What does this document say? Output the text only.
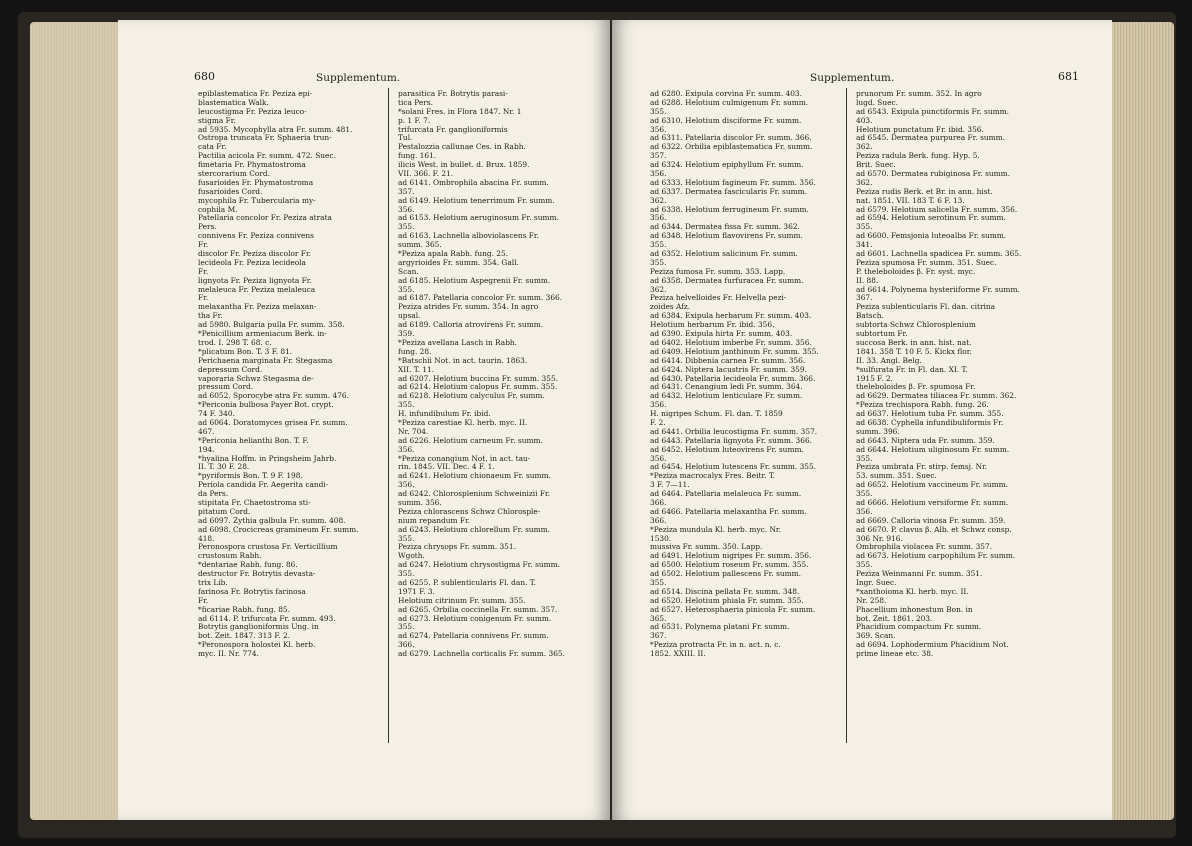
680	Supplementum.
epiblastematica Fr. Peziza epi-
blastematica Walk.
leucostigma Fr. Peziza leuco-
stigma Fr.
ad 5935. Mycophylla atra Fr. summ. 481.
Ostropa truncata Fr. Sphaeria trun-
cata Fr.
Pactilia acicola Fr. summ. 472. Suec.
fimetaria Fr. Phymatostroma
stercorarium Cord.
fusarioides Fr. Phymatostroma
fusarioides Cord.
mycophila Fr. Tubercularia my-
cophila M.
Patellaria concolor Fr. Peziza atrata
Pers.
connivens Fr. Peziza connivens
Fr.
discolor Fr. Peziza discolor Fr.
lecideola Fr. Peziza lecideola
Fr.
lignyota Fr. Peziza lignyota Fr.
melaleuca Fr. Peziza melaleuca
Fr.
melaxantha Fr. Peziza melaxan-
tha Fr.
ad 5980. Bulgaria pulla Fr. summ. 358.
*Penicillium armeniacum Berk. in-
trod. I. 298 T. 68. c.
*plicatum Bon. T. 3 F. 81.
Perichaena marginata Fr. Stegasma
depressum Cord.
vaporaria Schwz Stegasma de-
pressum Cord.
ad 6052. Sporocybe atra Fr. summ. 476.
*Periconia bulbosa Payer Bot. crypt.
74 F. 340.
ad 6064. Doratomyces grisea Fr. summ.
467.
*Periconia helianthi Bon. T. F.
194.
*hyalina Hoffm. in Pringsheim Jahrb.
II. T. 30 F. 28.
*pyriformis Bon. T. 9 F. 198.
Periola candida Fr. Aegerita candi-
da Pers.
stipitata Fr. Chaetostroma sti-
pitatum Cord.
ad 6097. Zythia galbula Fr. summ. 408.
ad 6098. Crocicreas gramineum Fr. summ.
418.
Peronospora crustosa Fr. Verticillium
crustosum Rabh.
*dentariae Rabh. fung. 86.
destructor Fr. Botrytis devasta-
trix Lib.
farinosa Fr. Botrytis farinosa
Fr.
*ficariae Rabh. fung. 85.
ad 6114. P. trifurcata Fr. summ. 493.
Botrytis ganglioniformis Ung. in
bot. Zeit. 1847. 313 F. 2.
*Peronospora holostei Kl. herb.
myc. II. Nr. 774.
parasitica Fr. Botrytis parasi-
tica Pers.
*solani Fres. in Flora 1847. Nr. 1
p. 1 F. 7.
trifurcata Fr. ganglioniformis
Tul.
Pestalozzia callunae Ces. in Rabh.
fung. 161.
ilicis West. in bullet. d. Brux. 1859.
VII. 366. F. 21.
ad 6141. Ombrophila abacina Fr. summ.
357.
ad 6149. Helotium tenerrimum Fr. summ.
356.
ad 6153. Helotium aeruginosum Fr. summ.
355.
ad 6163. Lachnella alboviolascens Fr.
summ. 365.
*Peziza apala Rabh. fung. 25.
argyrioides Fr. summ. 354. Gall.
Scan.
ad 6185. Helotium Aspegrenii Fr. summ.
355.
ad 6187. Patellaria concolor Fr. summ. 366.
Peziza atrides Fr. summ. 354. In agro
upsal.
ad 6189. Calloria atrovirens Fr. summ.
359.
*Peziza avellana Lasch in Rabh.
fung. 28.
*Batschii Not. in act. taurin. 1863.
XII. T. 11.
ad 6207. Helotium buccina Fr. summ. 355.
ad 6214. Helotium calopus Fr. summ. 355.
ad 6218. Helotium calyculus Fr. summ.
355.
H. infundibulum Fr. ibid.
*Peziza carestiae Kl. herb. myc. II.
Nr. 704.
ad 6226. Helotium carneum Fr. summ.
356.
*Peziza conangium Not. in act. tau-
rin. 1845. VII. Dec. 4 F. 1.
ad 6241. Helotium chionaeum Fr. summ.
356.
ad 6242. Chlorosplenium Schweinizii Fr.
summ. 356.
Peziza chlorascens Schwz Chlorosple-
nium repandum Fr.
ad 6243. Helotium chlorellum Fr. summ.
355.
Peziza chrysops Fr. summ. 351.
Wgoth.
ad 6247. Helotium chrysostigma Fr. summ.
355.
ad 6255. P. sublenticularis Fl. dan. T.
1971 F. 3.
Helotium citrinum Fr. summ. 355.
ad 6265. Orbilia coccinella Fr. summ. 357.
ad 6273. Helotium conigenum Fr. summ.
355.
ad 6274. Patellaria connivens Fr. summ.
366.
ad 6279. Lachnella corticalis Fr. summ. 365.
Supplementum.	681
ad 6280. Exipula corvina Fr. summ. 403.
ad 6288. Helotium culmigenum Fr. summ.
355.
ad 6310. Helotium disciforme Fr. summ.
356.
ad 6311. Patellaria discolor Fr. summ. 366.
ad 6322. Orbilia epiblastematica Fr. summ.
357.
ad 6324. Helotium epiphyllum Fr. summ.
356.
ad 6333. Helotium fagineum Fr. summ. 356.
ad 6337. Dermatea fascicularis Fr. summ.
362.
ad 6338. Helotium ferrugineum Fr. summ.
356.
ad 6344. Dermatea fissa Fr. summ. 362.
ad 6348. Helotium flavovirens Fr. summ.
355.
ad 6352. Helotium salicinum Fr. summ.
355.
Peziza fumosa Fr. summ. 353. Lapp.
ad 6358. Dermatea furfuracea Fr. summ.
362.
Peziza helvelloides Fr. Helvella pezi-
zoides Afz.
ad 6384. Exipula herbarum Fr. summ. 403.
Helotium herbarum Fr. ibid. 356.
ad 6390. Exipula hirta Fr. summ. 403.
ad 6402. Helotium imberbe Fr. summ. 356.
ad 6409. Helotium janthinum Fr. summ. 355.
ad 6414. Dibbenia carnea Fr. summ. 356.
ad 6424. Niptera lacustris Fr. summ. 359.
ad 6430. Patellaria lecideola Fr. summ. 366.
ad 6431. Cenangium ledi Fr. summ. 364.
ad 6432. Helotium lenticulare Fr. summ.
356.
H. nigripes Schum. Fl. dan. T. 1859
F. 2.
ad 6441. Orbilia leucostigma Fr. summ. 357.
ad 6443. Patellaria lignyota Fr. summ. 366.
ad 6452. Helotium luteovirens Fr. summ.
356.
ad 6454. Helotium lutescens Fr. summ. 355.
*Peziza macrocalyx Fres. Beitr. T.
3 F. 7—11.
ad 6464. Patellaria melaleuca Fr. summ.
366.
ad 6466. Patellaria melaxantha Fr. summ.
366.
*Peziza mundula Kl. herb. myc. Nr.
1530.
mussiva Fr. summ. 350. Lapp.
ad 6491. Helotium nigripes Fr. summ. 356.
ad 6500. Helotium roseum Fr. summ. 355.
ad 6502. Helotium pallescens Fr. summ.
355.
ad 6514. Discina pellata Fr. summ. 348.
ad 6520. Helotium phiala Fr. summ. 355.
ad 6527. Heterosphaeria pinicola Fr. summ.
365.
ad 6531. Polynema platani Fr. summ.
367.
*Peziza protracta Fr. in n. act. n. c.
1852. XXIII. II.
prunorum Fr. summ. 352. In agro
lugd. Suec.
ad 6543. Exipula punctiformis Fr. summ.
403.
Helotium punctatum Fr. ibid. 356.
ad 6545. Dermatea purpurea Fr. summ.
362.
Peziza radula Berk. fung. Hyp. 5.
Brit. Suec.
ad 6570. Dermatea rubiginosa Fr. summ.
362.
Peziza rudis Berk. et Br. in ann. hist.
nat. 1851. VII. 183 T. 6 F. 13.
ad 6579. Helotium salicella Fr. summ. 356.
ad 6594. Helotium serotinum Fr. summ.
355.
ad 6600. Femsjonia luteoalba Fr. summ.
341.
ad 6601. Lachnella spadicea Fr. summ. 365.
Peziza spumosa Fr. summ. 351. Suec.
P. theleboloides β. Fr. syst. myc.
II. 88.
ad 6614. Polynema hysteriiforme Fr. summ.
367.
Peziza sublenticularis Fl. dan. citrina
Batsch.
subtorta Schwz Chlorosplenium
subtortum Fr.
succosa Berk. in ann. hist. nat.
1841. 358 T. 10 F. 5. Kickx flor.
II. 33. Angl. Belg.
*sulfurata Fr. in Fl. dan. XI. T.
1915 F. 2.
theleboloides β. Fr. spumosa Fr.
ad 6629. Dermatea tiliacea Fr. summ. 362.
*Peziza trechispora Rabh. fung. 26.
ad 6637. Helotium tuba Fr. summ. 355.
ad 6638. Cyphella infundibuliformis Fr.
summ. 396.
ad 6643. Niptera uda Fr. summ. 359.
ad 6644. Helotium uliginosum Fr. summ.
355.
Peziza umbrata Fr. stirp. femsj. Nr.
53. summ. 351. Suec.
ad 6652. Helotium vaccineum Fr. summ.
355.
ad 6666. Helotium versiforme Fr. summ.
356.
ad 6669. Calloria vinosa Fr. summ. 359.
ad 6670. P. clavus β. Alb. et Schwz consp.
306 Nr. 916.
Ombrophila violacea Fr. summ. 357.
ad 6673. Helotium carpophilum Fr. summ.
355.
Peziza Weinmanni Fr. summ. 351.
Ingr. Suec.
*xanthoioma Kl. herb. myc. II.
Nr. 258.
Phacellium inhonestum Bon. in
bot. Zeit. 1861. 203.
Phacidium compactum Fr. summ.
369. Scan.
ad 6694. Lophodermium Phacidium Not.
prime lineae etc. 38.
